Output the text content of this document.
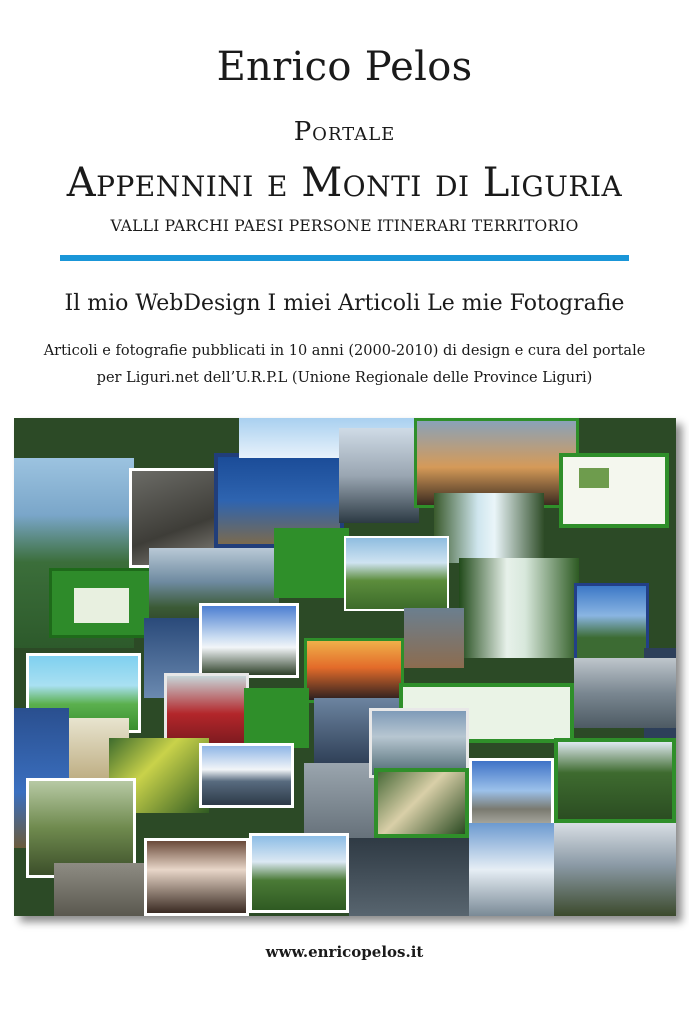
Enrico Pelos
Portale
Appennini e Monti di Liguria
VALLI PARCHI PAESI PERSONE ITINERARI TERRITORIO
Il mio WebDesign I miei Articoli Le mie Fotografie
Articoli e fotografie pubblicati in 10 anni (2000-2010) di design e cura del portale
per Liguri.net dell’U.R.P.L (Unione Regionale delle Province Liguri)
www.enricopelos.it
